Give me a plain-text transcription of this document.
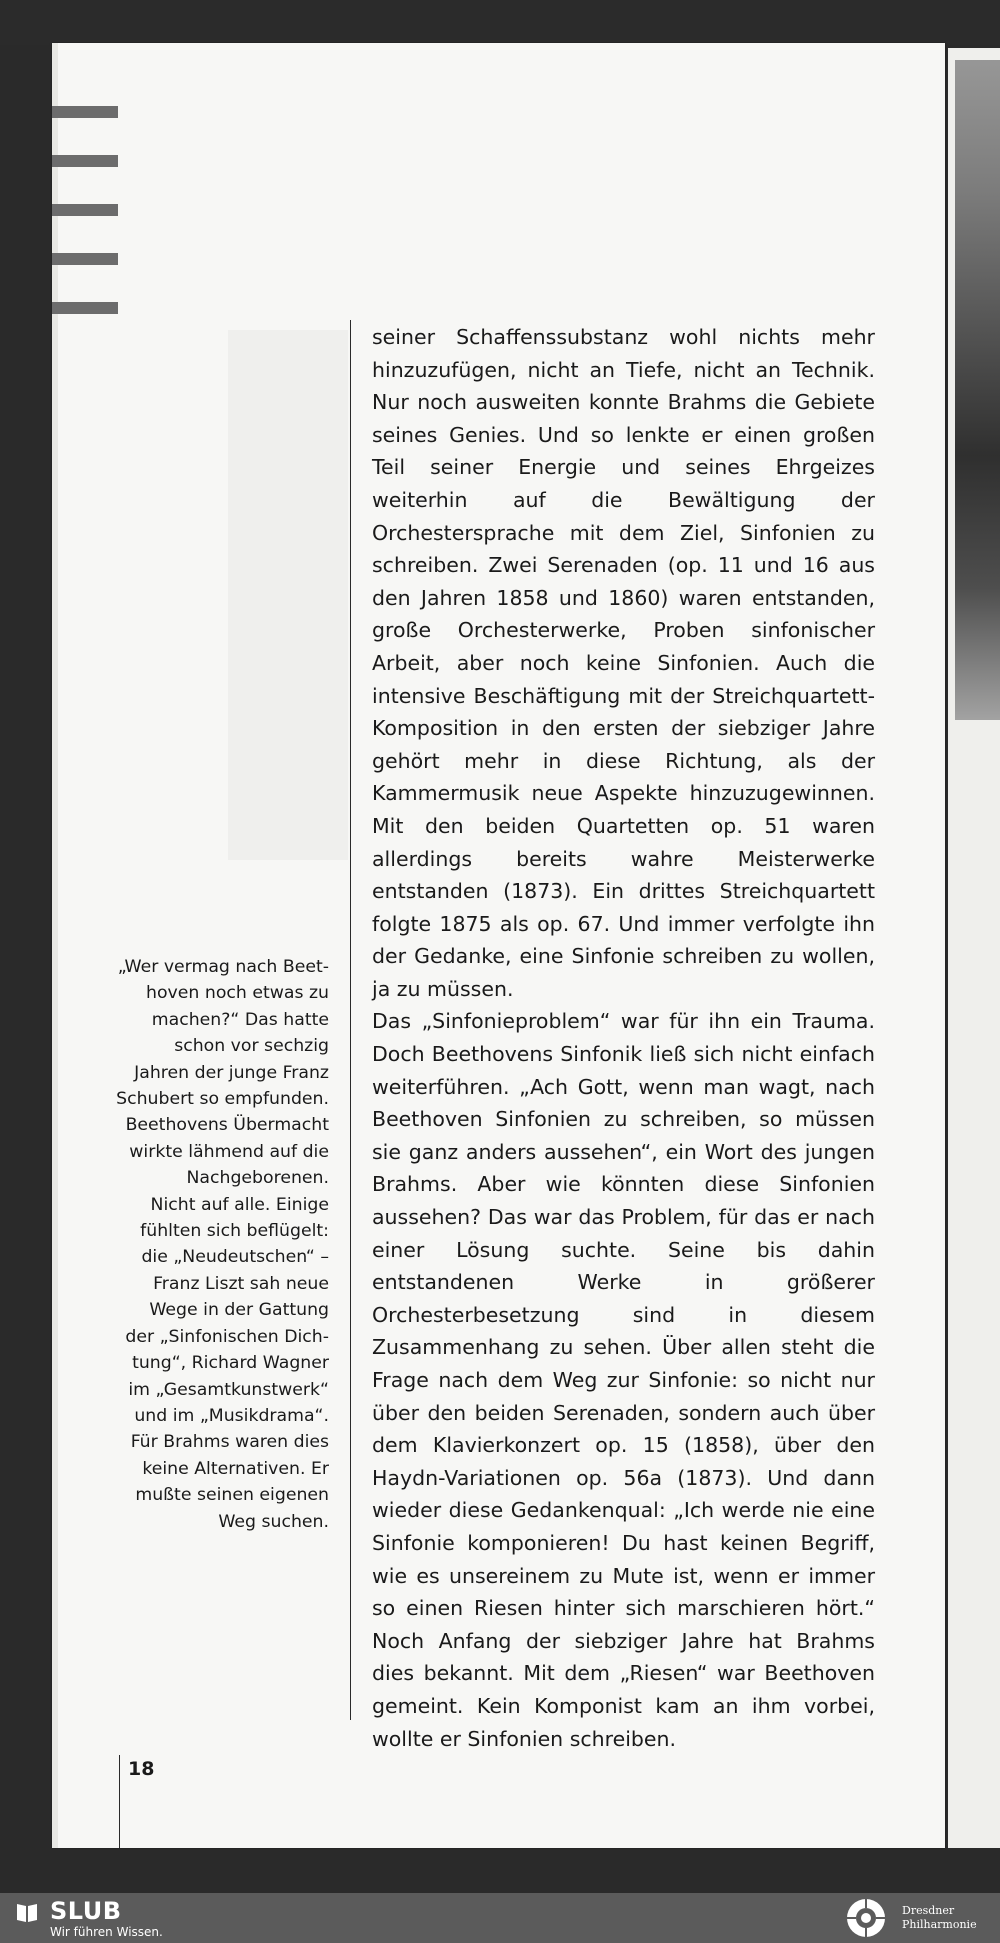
seiner Schaffenssubstanz wohl nichts mehr hinzuzufügen, nicht an Tiefe, nicht an Technik. Nur noch ausweiten konnte Brahms die Gebiete seines Genies. Und so lenkte er einen großen Teil seiner Energie und seines Ehrgeizes weiterhin auf die Bewältigung der Orchestersprache mit dem Ziel, Sinfonien zu schreiben. Zwei Serenaden (op. 11 und 16 aus den Jahren 1858 und 1860) waren entstanden, große Orchesterwerke, Proben sinfonischer Arbeit, aber noch keine Sinfonien. Auch die intensive Beschäftigung mit der Streichquartett-Komposition in den ersten der siebziger Jahre gehört mehr in diese Richtung, als der Kammermusik neue Aspekte hinzuzugewinnen. Mit den beiden Quartetten op. 51 waren allerdings bereits wahre Meisterwerke entstanden (1873). Ein drittes Streichquartett folgte 1875 als op. 67. Und immer verfolgte ihn der Gedanke, eine Sinfonie schreiben zu wollen, ja zu müssen.

Das „Sinfonieproblem“ war für ihn ein Trauma. Doch Beethovens Sinfonik ließ sich nicht einfach weiterführen. „Ach Gott, wenn man wagt, nach Beethoven Sinfonien zu schreiben, so müssen sie ganz anders aussehen“, ein Wort des jungen Brahms. Aber wie könnten diese Sinfonien aussehen? Das war das Problem, für das er nach einer Lösung suchte. Seine bis dahin entstandenen Werke in größerer Orchesterbesetzung sind in diesem Zusammenhang zu sehen. Über allen steht die Frage nach dem Weg zur Sinfonie: so nicht nur über den beiden Serenaden, sondern auch über dem Klavierkonzert op. 15 (1858), über den Haydn-Variationen op. 56a (1873). Und dann wieder diese Gedankenqual: „Ich werde nie eine Sinfonie komponieren! Du hast keinen Begriff, wie es unsereinem zu Mute ist, wenn er immer so einen Riesen hinter sich marschieren hört.“ Noch Anfang der siebziger Jahre hat Brahms dies bekannt. Mit dem „Riesen“ war Beethoven gemeint. Kein Komponist kam an ihm vorbei, wollte er Sinfonien schreiben.

„Wer vermag nach Beet-
hoven noch etwas zu
machen?“ Das hatte
schon vor sechzig
Jahren der junge Franz
Schubert so empfunden.
Beethovens Übermacht
wirkte lähmend auf die
Nachgeborenen.
Nicht auf alle. Einige
fühlten sich beflügelt:
die „Neudeutschen“ –
Franz Liszt sah neue
Wege in der Gattung
der „Sinfonischen Dich-
tung“, Richard Wagner
im „Gesamtkunstwerk“
und im „Musikdrama“.
Für Brahms waren dies
keine Alternativen. Er
mußte seinen eigenen
Weg suchen.
18
SLUB
Wir führen Wissen.
Dresdner
Philharmonie
